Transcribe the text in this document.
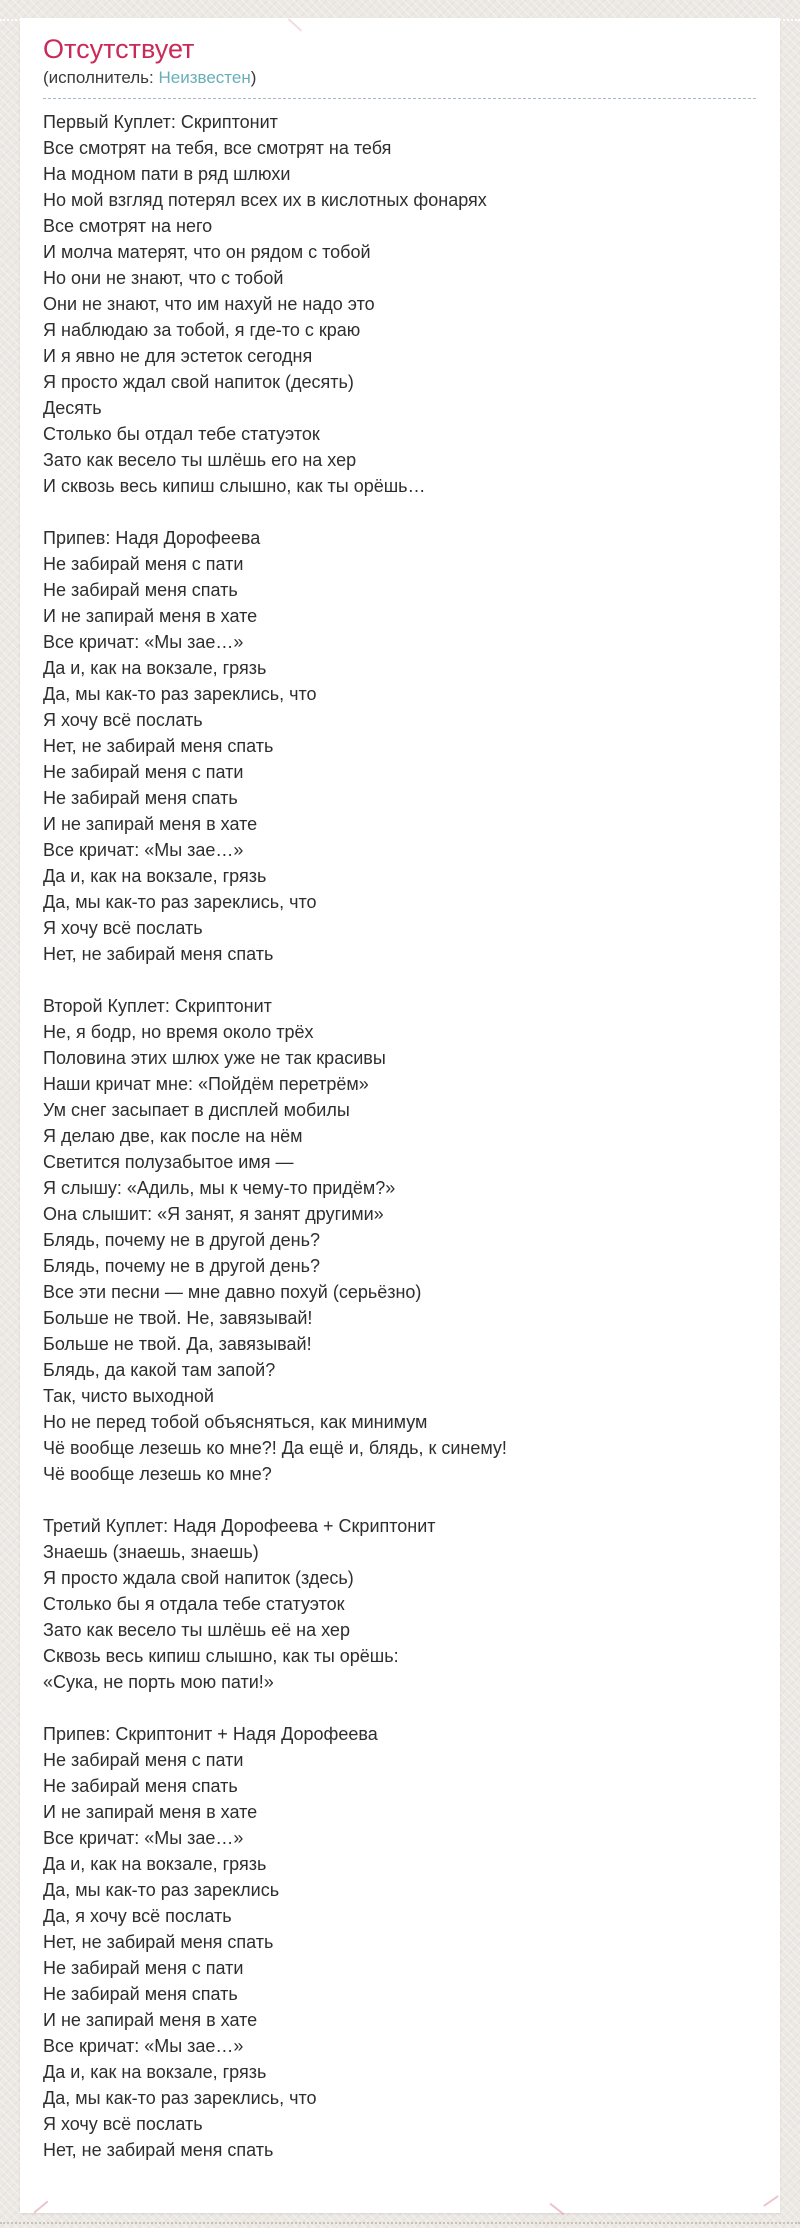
Отсутствует
(исполнитель: Неизвестен)
Первый Куплет: Скриптонит
Все смотрят на тебя, все смотрят на тебя
На модном пати в ряд шлюхи
Но мой взгляд потерял всех их в кислотных фонарях
Все смотрят на него
И молча матерят, что он рядом с тобой
Но они не знают, что с тобой
Они не знают, что им нахуй не надо это
Я наблюдаю за тобой, я где-то с краю
И я явно не для эстеток сегодня
Я просто ждал свой напиток (десять)
Десять
Столько бы отдал тебе статуэток
Зато как весело ты шлёшь его на хер
И сквозь весь кипиш слышно, как ты орёшь…
Припев: Надя Дорофеева
Не забирай меня с пати
Не забирай меня спать
И не запирай меня в хате
Все кричат: «Мы зае…»
Да и, как на вокзале, грязь
Да, мы как-то раз зареклись, что
Я хочу всё послать
Нет, не забирай меня спать
Не забирай меня с пати
Не забирай меня спать
И не запирай меня в хате
Все кричат: «Мы зае…»
Да и, как на вокзале, грязь
Да, мы как-то раз зареклись, что
Я хочу всё послать
Нет, не забирай меня спать
Второй Куплет: Скриптонит
Не, я бодр, но время около трёх
Половина этих шлюх уже не так красивы
Наши кричат мне: «Пойдём перетрём»
Ум снег засыпает в дисплей мобилы
Я делаю две, как после на нём
Светится полузабытое имя —
Я слышу: «Адиль, мы к чему-то придём?»
Она слышит: «Я занят, я занят другими»
Блядь, почему не в другой день?
Блядь, почему не в другой день?
Все эти песни — мне давно похуй (серьёзно)
Больше не твой. Не, завязывай!
Больше не твой. Да, завязывай!
Блядь, да какой там запой?
Так, чисто выходной
Но не перед тобой объясняться, как минимум
Чё вообще лезешь ко мне?! Да ещё и, блядь, к синему!
Чё вообще лезешь ко мне?
Третий Куплет: Надя Дорофеева + Скриптонит
Знаешь (знаешь, знаешь)
Я просто ждала свой напиток (здесь)
Столько бы я отдала тебе статуэток
Зато как весело ты шлёшь её на хер
Сквозь весь кипиш слышно, как ты орёшь:
«Сука, не порть мою пати!»
Припев: Скриптонит + Надя Дорофеева
Не забирай меня с пати
Не забирай меня спать
И не запирай меня в хате
Все кричат: «Мы зае…»
Да и, как на вокзале, грязь
Да, мы как-то раз зареклись
Да, я хочу всё послать
Нет, не забирай меня спать
Не забирай меня с пати
Не забирай меня спать
И не запирай меня в хате
Все кричат: «Мы зае…»
Да и, как на вокзале, грязь
Да, мы как-то раз зареклись, что
Я хочу всё послать
Нет, не забирай меня спать
